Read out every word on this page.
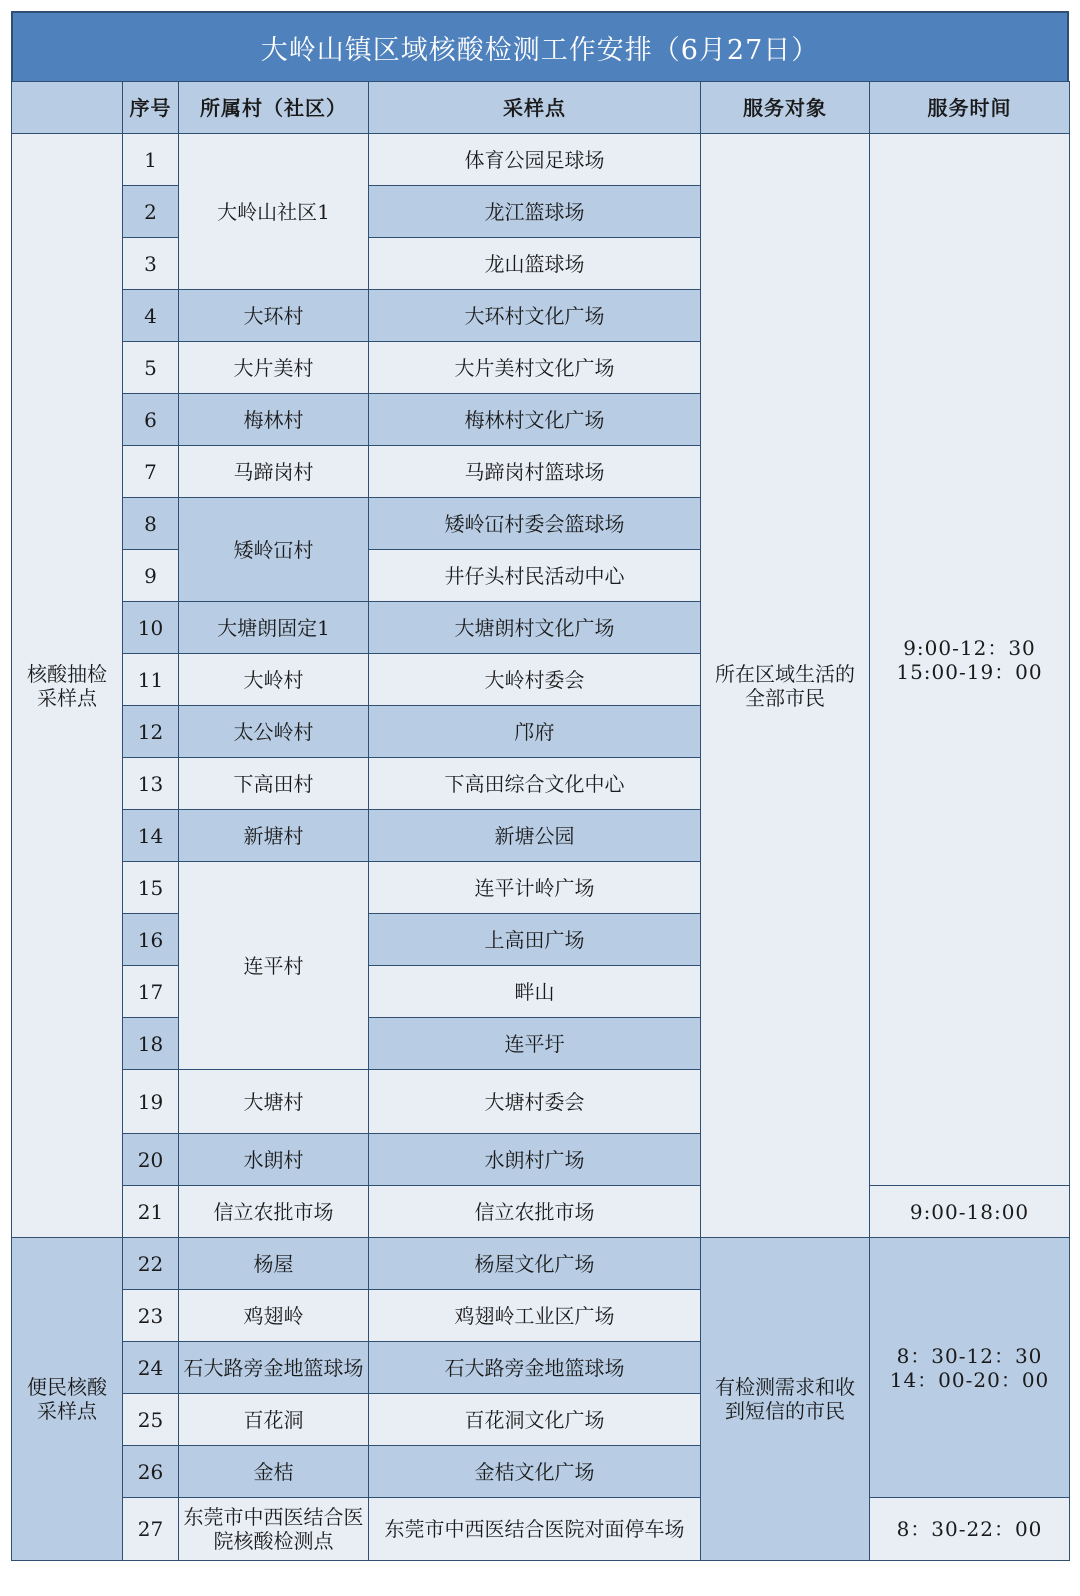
大岭山镇区域核酸检测工作安排（6月27日）
	序号	所属村（社区）	采样点	服务对象	服务时间
核酸抽检采样点	1	大岭山社区1	体育公园足球场	所在区域生活的全部市民	9:00-12：30
15:00-19：00
	2		龙江篮球场		
	3		龙山篮球场		
	4	大环村	大环村文化广场		
	5	大片美村	大片美村文化广场		
	6	梅林村	梅林村文化广场		
	7	马蹄岗村	马蹄岗村篮球场		
	8	矮岭冚村	矮岭冚村委会篮球场		
	9		井仔头村民活动中心		
	10	大塘朗固定1	大塘朗村文化广场		
	11	大岭村	大岭村委会		
	12	太公岭村	邝府		
	13	下高田村	下高田综合文化中心		
	14	新塘村	新塘公园		
	15	连平村	连平计岭广场		
	16		上高田广场		
	17		畔山		
	18		连平圩		
	19	大塘村	大塘村委会		
	20	水朗村	水朗村广场		
	21	信立农批市场	信立农批市场		9:00-18:00
便民核酸采样点	22	杨屋	杨屋文化广场	有检测需求和收到短信的市民	8：30-12：30
14：00-20：00
	23	鸡翅岭	鸡翅岭工业区广场		
	24	石大路旁金地篮球场	石大路旁金地篮球场		
	25	百花洞	百花洞文化广场		
	26	金桔	金桔文化广场		
	27	东莞市中西医结合医院核酸检测点	东莞市中西医结合医院对面停车场		8：30-22：00
